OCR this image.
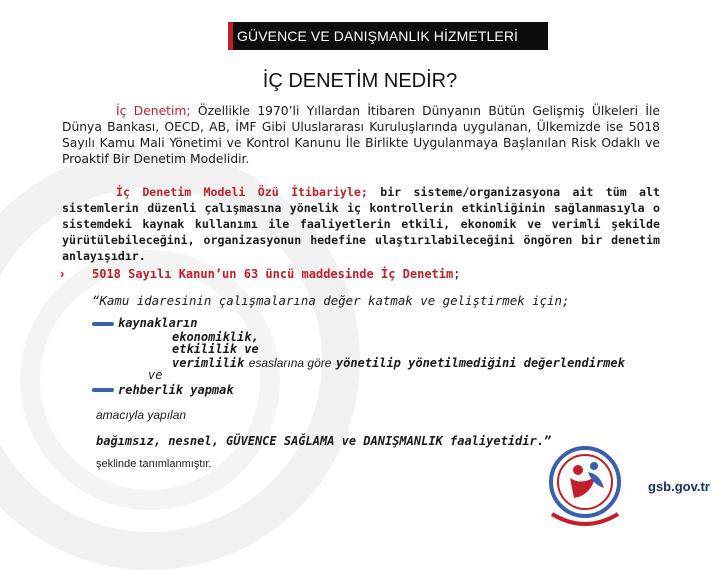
GÜVENCE VE DANIŞMANLIK HİZMETLERİ
İÇ DENETİM NEDİR?
İç Denetim; Özellikle 1970’li Yıllardan İtibaren Dünyanın Bütün Gelişmiş Ülkeleri İle Dünya Bankası, OECD, AB, İMF Gibi Uluslararası Kuruluşlarında uygulanan, Ülkemizde ise 5018 Sayılı Kamu Mali Yönetimi ve Kontrol Kanunu İle Birlikte Uygulanmaya Başlanılan Risk Odaklı ve Proaktif Bir Denetim Modelidir.
İç Denetim Modeli Özü İtibariyle; bir sisteme/organizasyona ait tüm alt sistemlerin düzenli çalışmasına yönelik iç kontrollerin etkinliğinin sağlanmasıyla o sistemdeki kaynak kullanımı ile faaliyetlerin etkili, ekonomik ve verimli şekilde yürütülebileceğini, organizasyonun hedefine ulaştırılabileceğini öngören bir denetim anlayışıdır.
› 5018 Sayılı Kanun’un 63 üncü maddesinde İç Denetim;
“Kamu idaresinin çalışmalarına değer katmak ve geliştirmek için;
kaynakların
ekonomiklik,
etkililik ve
verimlilik esaslarına göre yönetilip yönetilmediğini değerlendirmek
ve
rehberlik yapmak
amacıyla yapılan
bağımsız, nesnel, GÜVENCE SAĞLAMA ve DANIŞMANLIK faaliyetidir.”
şeklinde tanımlanmıştır.
gsb.gov.tr
